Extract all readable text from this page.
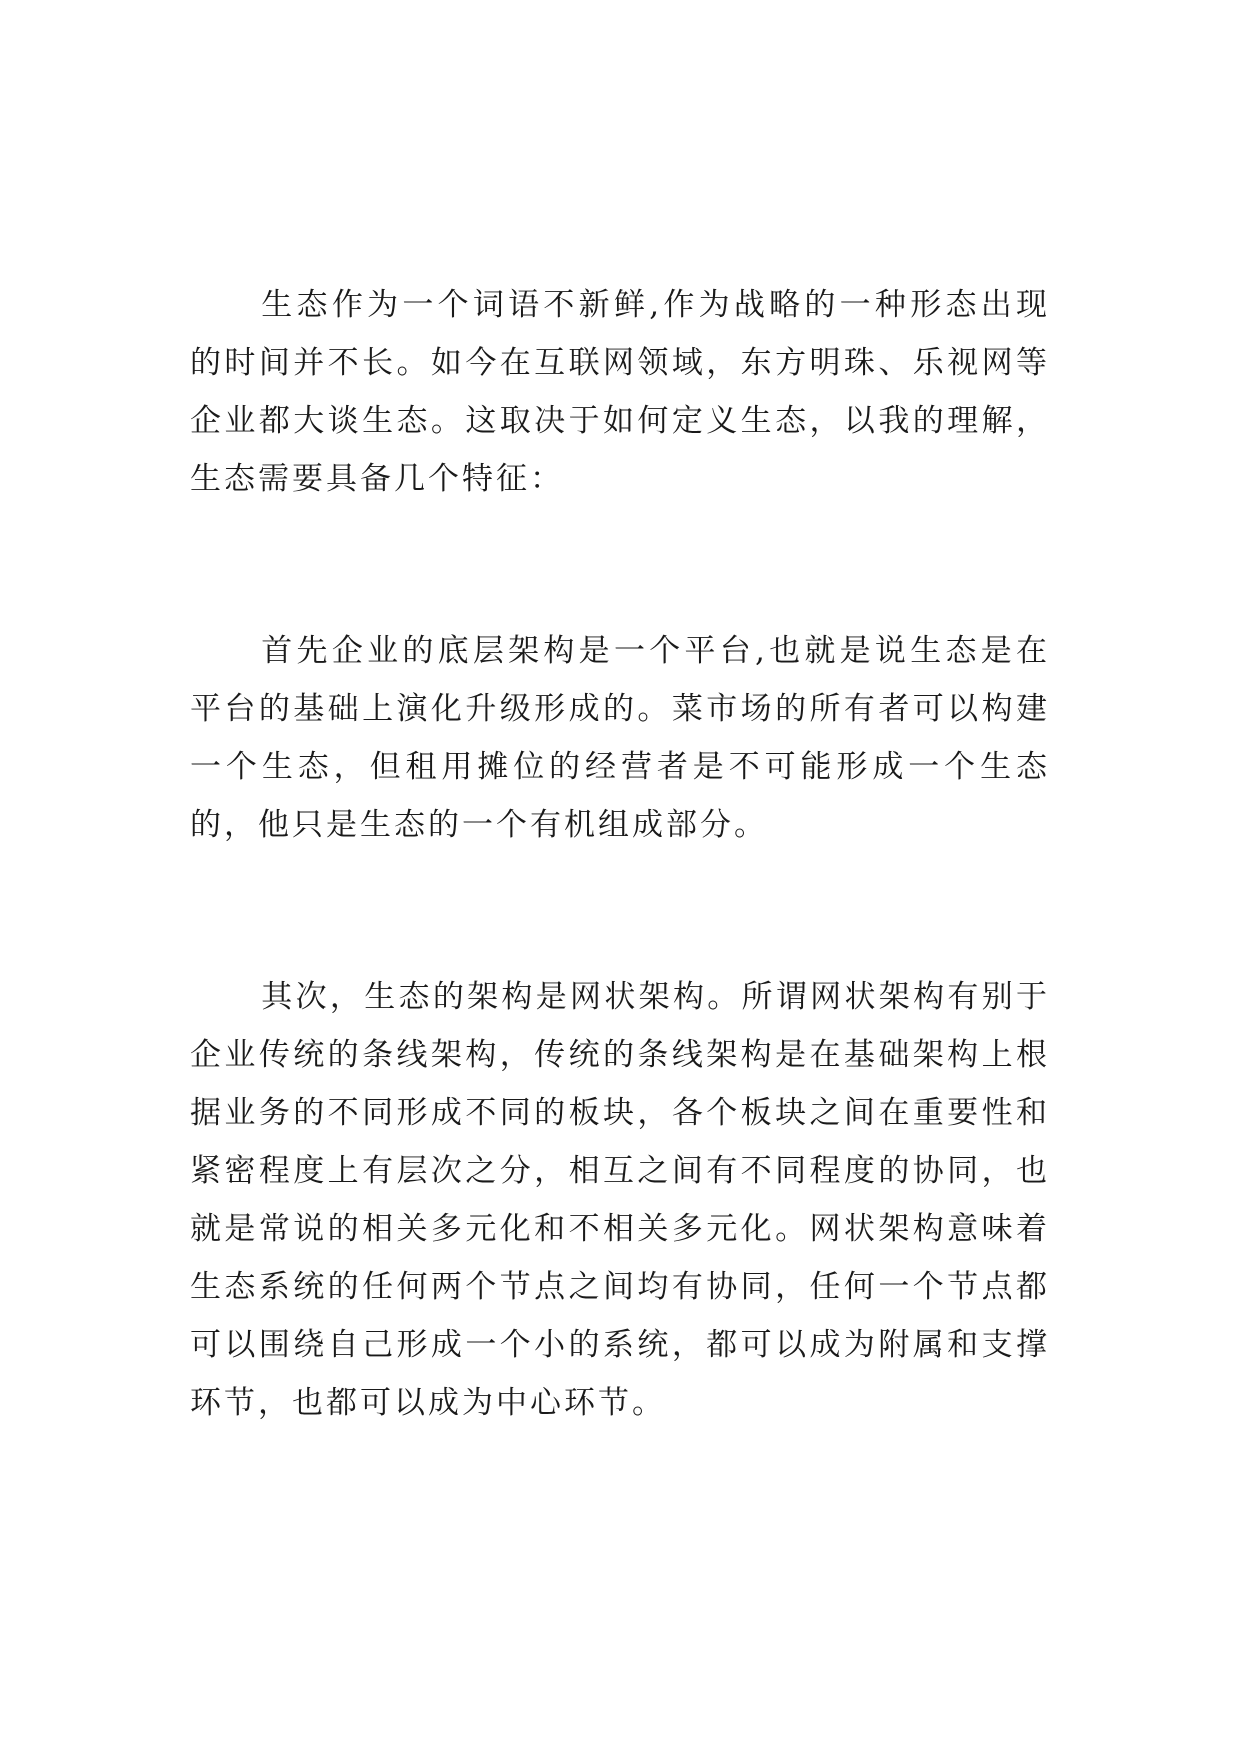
生态作为一个词语不新鲜,作为战略的一种形态出现的时间并不长。如今在互联网领域，东方明珠、乐视网等企业都大谈生态。这取决于如何定义生态，以我的理解，生态需要具备几个特征：

首先企业的底层架构是一个平台,也就是说生态是在平台的基础上演化升级形成的。菜市场的所有者可以构建一个生态，但租用摊位的经营者是不可能形成一个生态的，他只是生态的一个有机组成部分。

其次，生态的架构是网状架构。所谓网状架构有别于企业传统的条线架构，传统的条线架构是在基础架构上根据业务的不同形成不同的板块，各个板块之间在重要性和紧密程度上有层次之分，相互之间有不同程度的协同，也就是常说的相关多元化和不相关多元化。网状架构意味着生态系统的任何两个节点之间均有协同，任何一个节点都可以围绕自己形成一个小的系统，都可以成为附属和支撑环节，也都可以成为中心环节。
